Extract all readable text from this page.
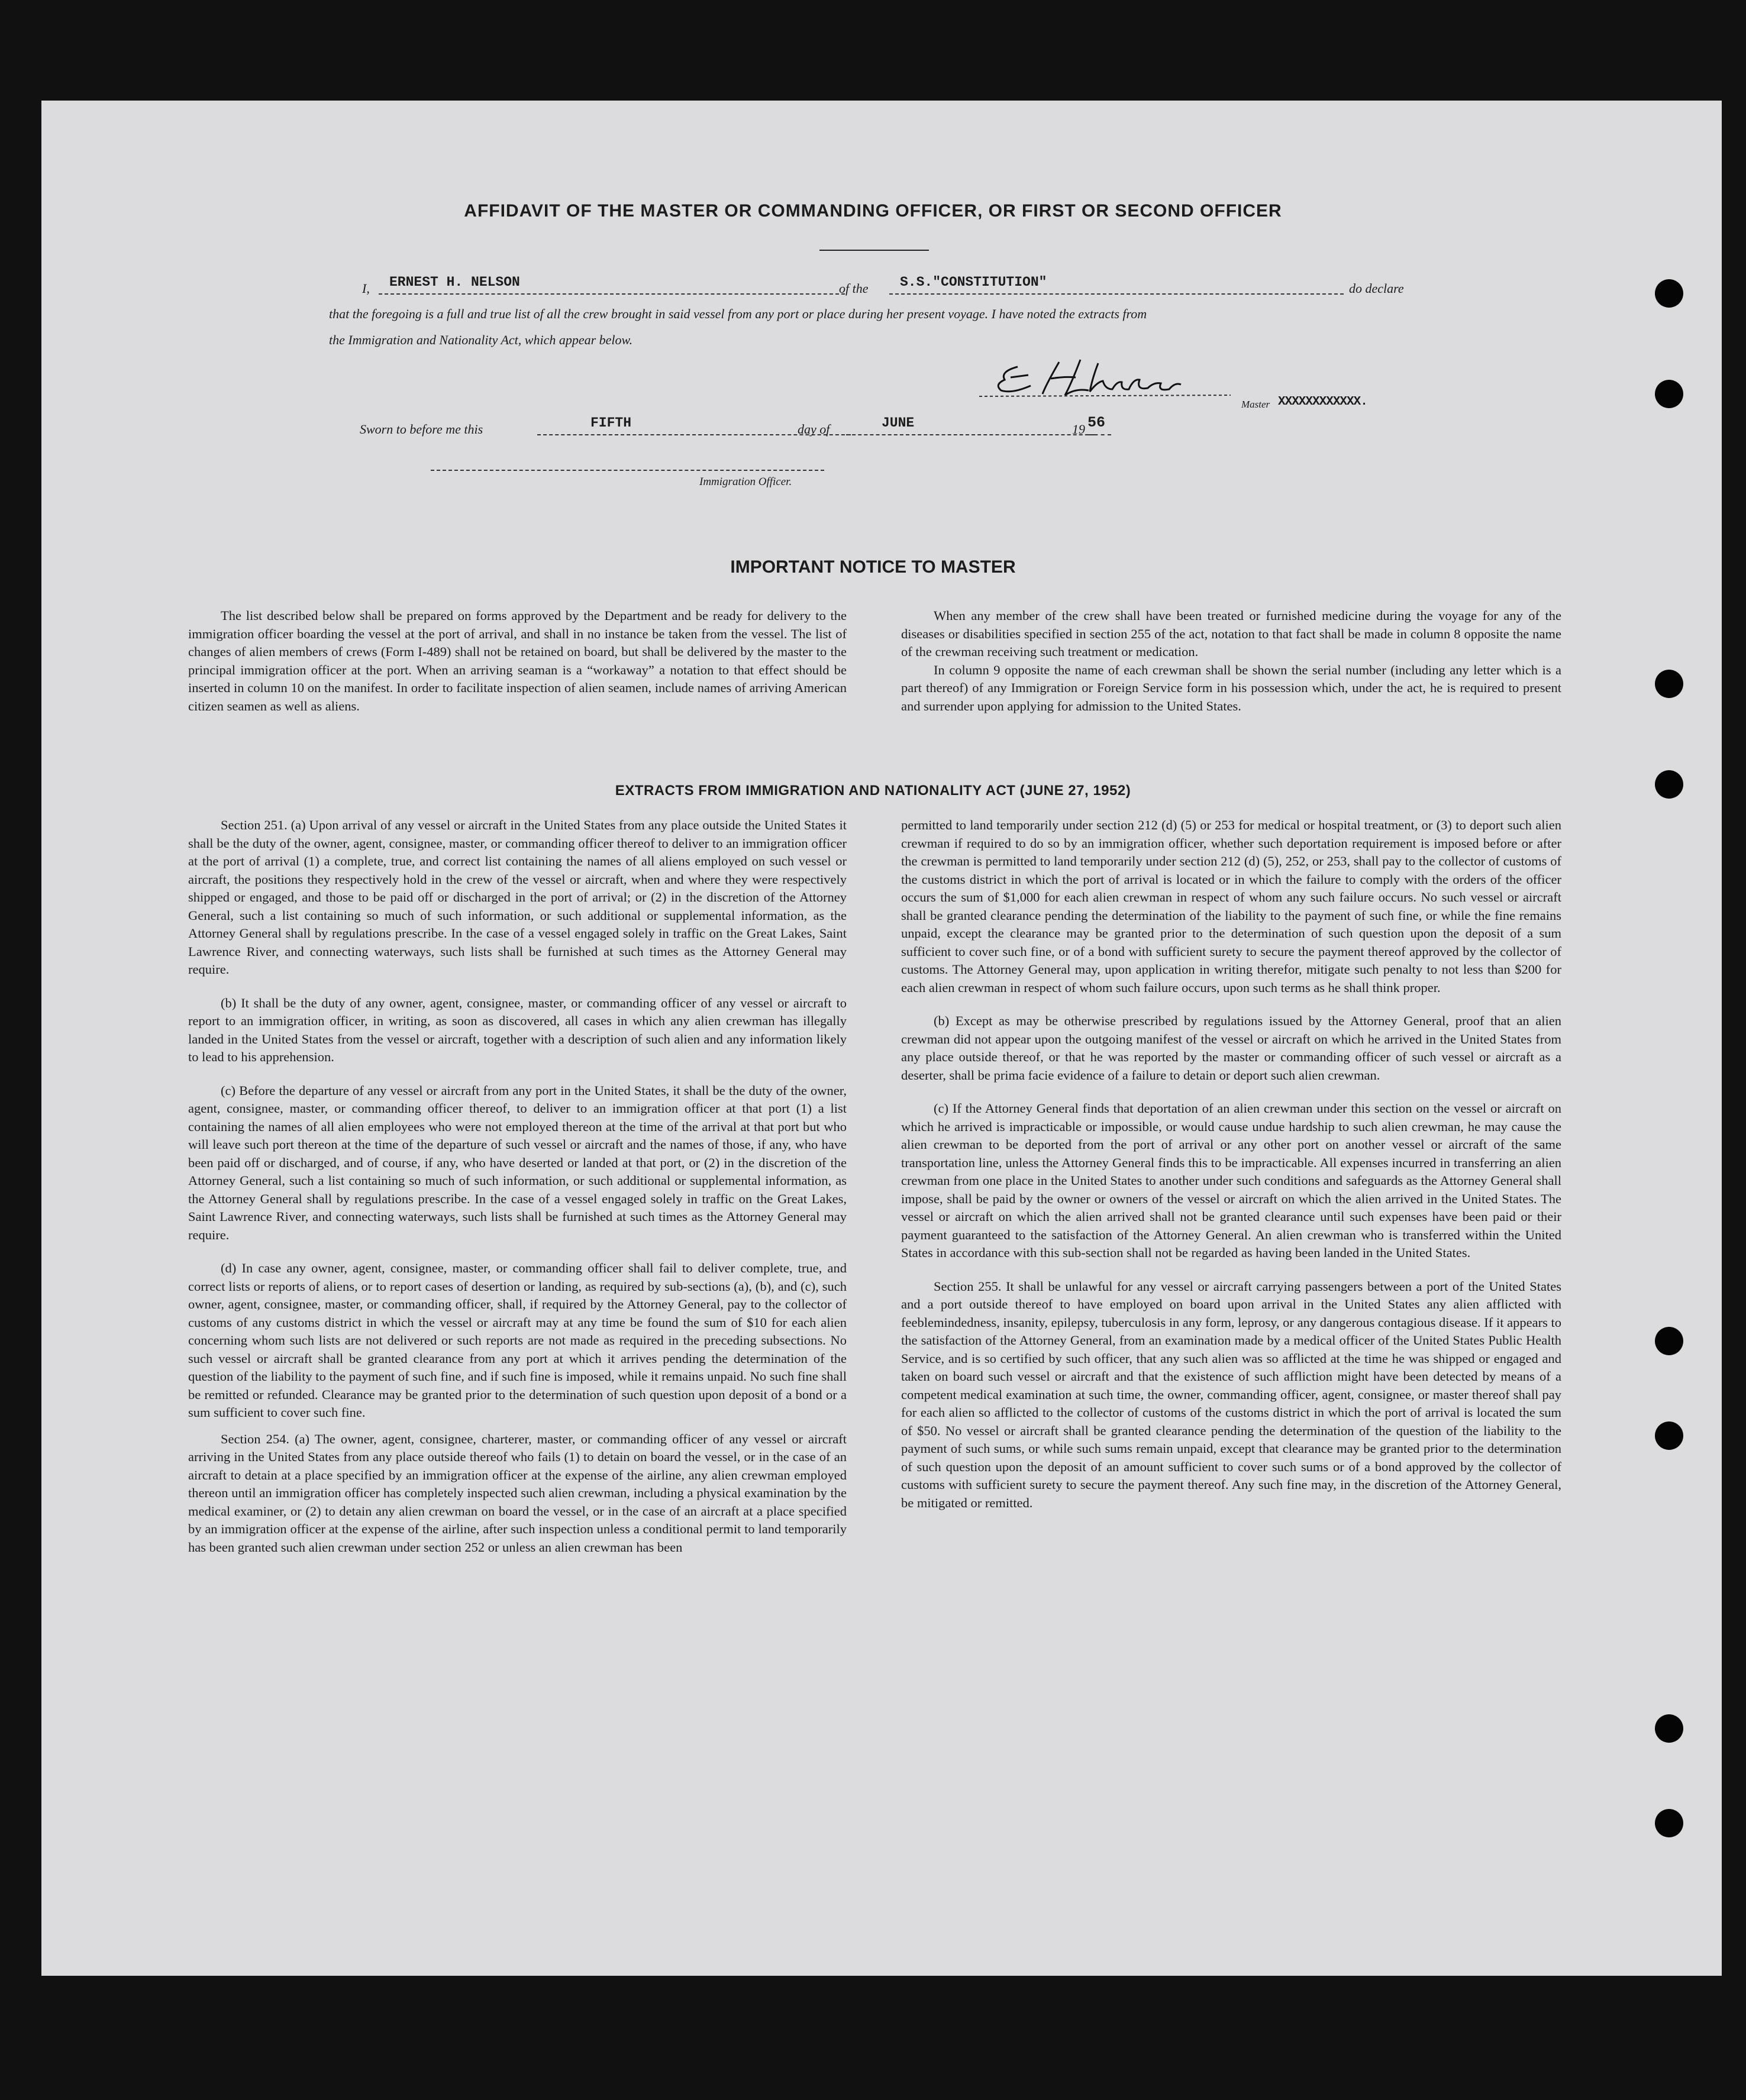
AFFIDAVIT OF THE MASTER OR COMMANDING OFFICER, OR FIRST OR SECOND OFFICER
I,	ERNEST H. NELSON	of the	S.S."CONSTITUTION"	do declare
that the foregoing is a full and true list of all the crew brought in said vessel from any port or place during her present voyage. I have noted the extracts from
the Immigration and Nationality Act, which appear below.
Master XXXXXXXXXXXX.
Sworn to before me this	FIFTH	day of	JUNE	19 56
Immigration Officer.
IMPORTANT NOTICE TO MASTER

The list described below shall be prepared on forms approved by the Department and be ready for delivery to the immigration officer boarding the vessel at the port of arrival, and shall in no instance be taken from the vessel. The list of changes of alien members of crews (Form I-489) shall not be retained on board, but shall be delivered by the master to the principal immigration officer at the port. When an arriving seaman is a “workaway” a notation to that effect should be inserted in column 10 on the manifest. In order to facilitate inspection of alien seamen, include names of arriving American citizen seamen as well as aliens.

When any member of the crew shall have been treated or furnished medicine during the voyage for any of the diseases or disabilities specified in section 255 of the act, notation to that fact shall be made in column 8 opposite the name of the crewman receiving such treatment or medication.

In column 9 opposite the name of each crewman shall be shown the serial number (including any letter which is a part thereof) of any Immigration or Foreign Service form in his possession which, under the act, he is required to present and surrender upon applying for admission to the United States.

EXTRACTS FROM IMMIGRATION AND NATIONALITY ACT (JUNE 27, 1952)

Section 251. (a) Upon arrival of any vessel or aircraft in the United States from any place outside the United States it shall be the duty of the owner, agent, consignee, master, or commanding officer thereof to deliver to an immigration officer at the port of arrival (1) a complete, true, and correct list containing the names of all aliens employed on such vessel or aircraft, the positions they respectively hold in the crew of the vessel or aircraft, when and where they were respectively shipped or engaged, and those to be paid off or discharged in the port of arrival; or (2) in the discretion of the Attorney General, such a list containing so much of such information, or such additional or supplemental information, as the Attorney General shall by regulations prescribe. In the case of a vessel engaged solely in traffic on the Great Lakes, Saint Lawrence River, and connecting waterways, such lists shall be furnished at such times as the Attorney General may require.

(b) It shall be the duty of any owner, agent, consignee, master, or commanding officer of any vessel or aircraft to report to an immigration officer, in writing, as soon as discovered, all cases in which any alien crewman has illegally landed in the United States from the vessel or aircraft, together with a description of such alien and any information likely to lead to his apprehension.

(c) Before the departure of any vessel or aircraft from any port in the United States, it shall be the duty of the owner, agent, consignee, master, or commanding officer thereof, to deliver to an immigration officer at that port (1) a list containing the names of all alien employees who were not employed thereon at the time of the arrival at that port but who will leave such port thereon at the time of the departure of such vessel or aircraft and the names of those, if any, who have been paid off or discharged, and of course, if any, who have deserted or landed at that port, or (2) in the discretion of the Attorney General, such a list containing so much of such information, or such additional or supplemental information, as the Attorney General shall by regulations prescribe. In the case of a vessel engaged solely in traffic on the Great Lakes, Saint Lawrence River, and connecting waterways, such lists shall be furnished at such times as the Attorney General may require.

(d) In case any owner, agent, consignee, master, or commanding officer shall fail to deliver complete, true, and correct lists or reports of aliens, or to report cases of desertion or landing, as required by sub-sections (a), (b), and (c), such owner, agent, consignee, master, or commanding officer, shall, if required by the Attorney General, pay to the collector of customs of any customs district in which the vessel or aircraft may at any time be found the sum of $10 for each alien concerning whom such lists are not delivered or such reports are not made as required in the preceding subsections. No such vessel or aircraft shall be granted clearance from any port at which it arrives pending the determination of the question of the liability to the payment of such fine, and if such fine is imposed, while it remains unpaid. No such fine shall be remitted or refunded. Clearance may be granted prior to the determination of such question upon deposit of a bond or a sum sufficient to cover such fine.

Section 254. (a) The owner, agent, consignee, charterer, master, or commanding officer of any vessel or aircraft arriving in the United States from any place outside thereof who fails (1) to detain on board the vessel, or in the case of an aircraft to detain at a place specified by an immigration officer at the expense of the airline, any alien crewman employed thereon until an immigration officer has completely inspected such alien crewman, including a physical examination by the medical examiner, or (2) to detain any alien crewman on board the vessel, or in the case of an aircraft at a place specified by an immigration officer at the expense of the airline, after such inspection unless a conditional permit to land temporarily has been granted such alien crewman under section 252 or unless an alien crewman has been

permitted to land temporarily under section 212 (d) (5) or 253 for medical or hospital treatment, or (3) to deport such alien crewman if required to do so by an immigration officer, whether such deportation requirement is imposed before or after the crewman is permitted to land temporarily under section 212 (d) (5), 252, or 253, shall pay to the collector of customs of the customs district in which the port of arrival is located or in which the failure to comply with the orders of the officer occurs the sum of $1,000 for each alien crewman in respect of whom any such failure occurs. No such vessel or aircraft shall be granted clearance pending the determination of the liability to the payment of such fine, or while the fine remains unpaid, except the clearance may be granted prior to the determination of such question upon the deposit of a sum sufficient to cover such fine, or of a bond with sufficient surety to secure the payment thereof approved by the collector of customs. The Attorney General may, upon application in writing therefor, mitigate such penalty to not less than $200 for each alien crewman in respect of whom such failure occurs, upon such terms as he shall think proper.

(b) Except as may be otherwise prescribed by regulations issued by the Attorney General, proof that an alien crewman did not appear upon the outgoing manifest of the vessel or aircraft on which he arrived in the United States from any place outside thereof, or that he was reported by the master or commanding officer of such vessel or aircraft as a deserter, shall be prima facie evidence of a failure to detain or deport such alien crewman.

(c) If the Attorney General finds that deportation of an alien crewman under this section on the vessel or aircraft on which he arrived is impracticable or impossible, or would cause undue hardship to such alien crewman, he may cause the alien crewman to be deported from the port of arrival or any other port on another vessel or aircraft of the same transportation line, unless the Attorney General finds this to be impracticable. All expenses incurred in transferring an alien crewman from one place in the United States to another under such conditions and safeguards as the Attorney General shall impose, shall be paid by the owner or owners of the vessel or aircraft on which the alien arrived in the United States. The vessel or aircraft on which the alien arrived shall not be granted clearance until such expenses have been paid or their payment guaranteed to the satisfaction of the Attorney General. An alien crewman who is transferred within the United States in accordance with this sub-section shall not be regarded as having been landed in the United States.

Section 255. It shall be unlawful for any vessel or aircraft carrying passengers between a port of the United States and a port outside thereof to have employed on board upon arrival in the United States any alien afflicted with feeblemindedness, insanity, epilepsy, tuberculosis in any form, leprosy, or any dangerous contagious disease. If it appears to the satisfaction of the Attorney General, from an examination made by a medical officer of the United States Public Health Service, and is so certified by such officer, that any such alien was so afflicted at the time he was shipped or engaged and taken on board such vessel or aircraft and that the existence of such affliction might have been detected by means of a competent medical examination at such time, the owner, commanding officer, agent, consignee, or master thereof shall pay for each alien so afflicted to the collector of customs of the customs district in which the port of arrival is located the sum of $50. No vessel or aircraft shall be granted clearance pending the determination of the question of the liability to the payment of such sums, or while such sums remain unpaid, except that clearance may be granted prior to the determination of such question upon the deposit of an amount sufficient to cover such sums or of a bond approved by the collector of customs with sufficient surety to secure the payment thereof. Any such fine may, in the discretion of the Attorney General, be mitigated or remitted.
